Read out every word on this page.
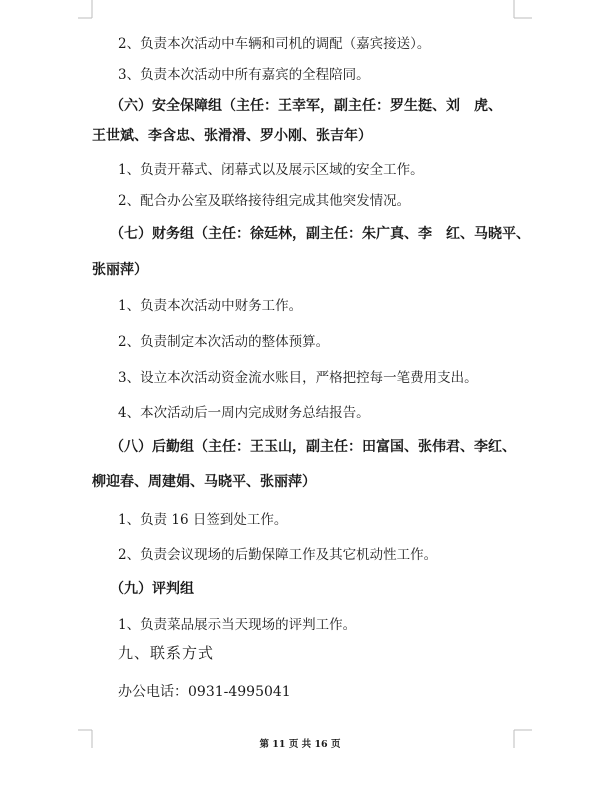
2、负责本次活动中车辆和司机的调配（嘉宾接送）。
3、负责本次活动中所有嘉宾的全程陪同。
（六）安全保障组（主任：王幸军，副主任：罗生挺、刘　虎、
王世斌、李含忠、张滑滑、罗小刚、张吉年）
1、负责开幕式、闭幕式以及展示区域的安全工作。
2、配合办公室及联络接待组完成其他突发情况。
（七）财务组（主任：徐廷林，副主任：朱广真、李　红、马晓平、
张丽萍）
1、负责本次活动中财务工作。
2、负责制定本次活动的整体预算。
3、设立本次活动资金流水账目，严格把控每一笔费用支出。
4、本次活动后一周内完成财务总结报告。
（八）后勤组（主任：王玉山，副主任：田富国、张伟君、李红、
柳迎春、周建娟、马晓平、张丽萍）
1、负责 16 日签到处工作。
2、负责会议现场的后勤保障工作及其它机动性工作。
（九）评判组
1、负责菜品展示当天现场的评判工作。
九、联系方式
办公电话：0931-4995041
第 11 页 共 16 页
